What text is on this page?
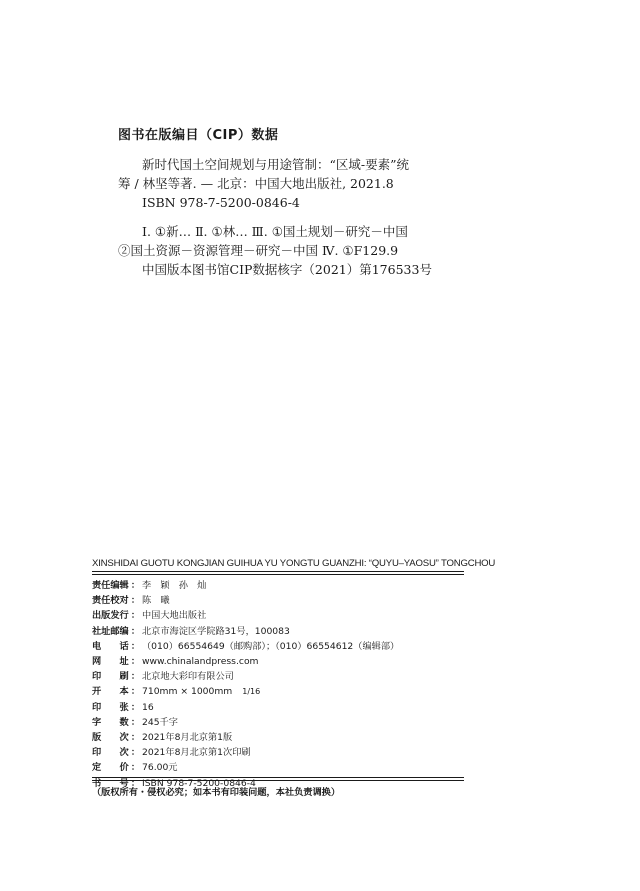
图书在版编目（CIP）数据
新时代国土空间规划与用途管制：“区域-要素”统
筹 / 林坚等著. — 北京：中国大地出版社, 2021.8
ISBN 978-7-5200-0846-4
Ⅰ. ①新… Ⅱ. ①林… Ⅲ. ①国土规划－研究－中国
②国土资源－资源管理－研究－中国 Ⅳ. ①F129.9
中国版本图书馆CIP数据核字（2021）第176533号
XINSHIDAI GUOTU KONGJIAN GUIHUA YU YONGTU GUANZHI: “QUYU–YAOSU” TONGCHOU
责任编辑 ： 李　颖　孙　灿
责任校对 ： 陈　曦
出版发行 ： 中国大地出版社
社址邮编 ： 北京市海淀区学院路31号，100083
电　　话 ： （010）66554649（邮购部）；（010）66554612（编辑部）
网　　址 ： www.chinalandpress.com
印　　刷 ： 北京地大彩印有限公司
开　　本 ： 710mm × 1000mm 1/16
印　　张 ： 16
字　　数 ： 245千字
版　　次 ： 2021年8月北京第1版
印　　次 ： 2021年8月北京第1次印刷
定　　价 ： 76.00元
书　　号 ： ISBN 978-7-5200-0846-4
（版权所有・侵权必究；如本书有印装问题，本社负责调换）
